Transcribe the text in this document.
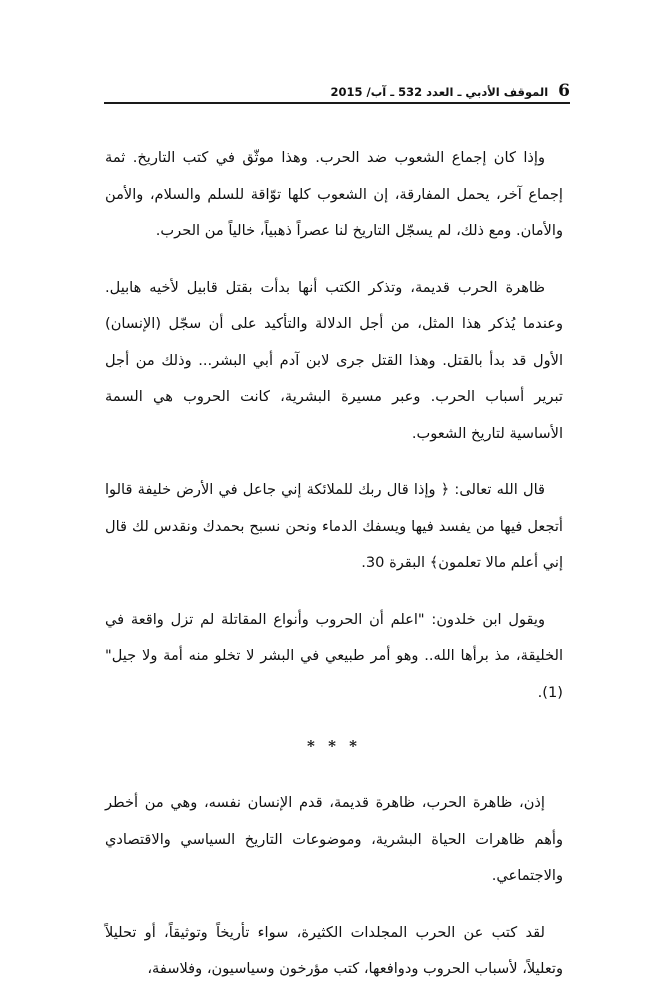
6
الموقف الأدبي ـ العدد 532 ـ آب/ 2015

وإذا كان إجماع الشعوب ضد الحرب. وهذا موثّق في كتب التاريخ. ثمة إجماع آخر، يحمل المفارقة، إن الشعوب كلها توّاقة للسلم والسلام، والأمن والأمان. ومع ذلك، لم يسجّل التاريخ لنا عصراً ذهبياً، خالياً من الحرب.

ظاهرة الحرب قديمة، وتذكر الكتب أنها بدأت بقتل قابيل لأخيه هابيل. وعندما يُذكر هذا المثل، من أجل الدلالة والتأكيد على أن سجّل (الإنسان) الأول قد بدأ بالقتل. وهذا القتل جرى لابن آدم أبي البشر... وذلك من أجل تبرير أسباب الحرب. وعبر مسيرة البشرية، كانت الحروب هي السمة الأساسية لتاريخ الشعوب.

قال الله تعالى: ﴿ وإذا قال ربك للملائكة إني جاعل في الأرض خليفة قالوا أتجعل فيها من يفسد فيها ويسفك الدماء ونحن نسبح بحمدك ونقدس لك قال إني أعلم مالا تعلمون﴾ البقرة 30.

ويقول ابن خلدون: "اعلم أن الحروب وأنواع المقاتلة لم تزل واقعة في الخليقة، مذ برأها الله.. وهو أمر طبيعي في البشر لا تخلو منه أمة ولا جيل"(1).

* * *

إذن، ظاهرة الحرب، ظاهرة قديمة، قدم الإنسان نفسه، وهي من أخطر وأهم ظاهرات الحياة البشرية، وموضوعات التاريخ السياسي والاقتصادي والاجتماعي.

لقد كتب عن الحرب المجلدات الكثيرة، سواء تأريخاً وتوثيقاً، أو تحليلاً وتعليلاً، لأسباب الحروب ودوافعها، كتب مؤرخون وسياسيون، وفلاسفة،
